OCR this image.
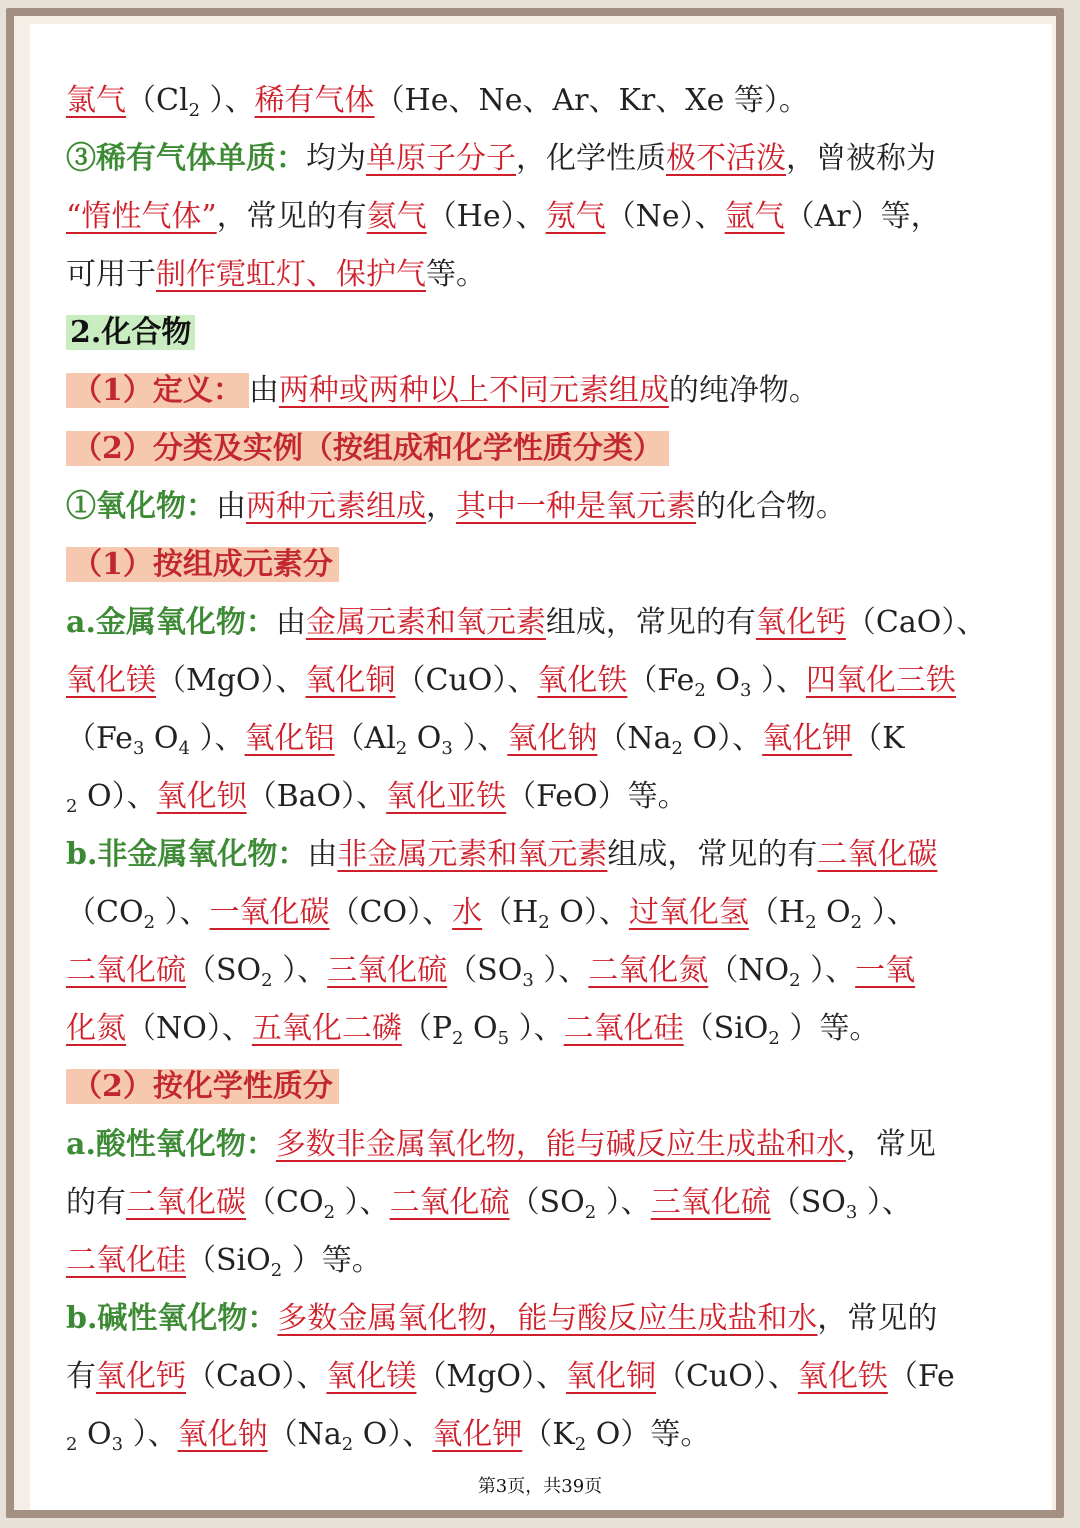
氯气（$Cl_2$ ）、稀有气体（He、Ne、Ar、Kr、Xe 等）。
③稀有气体单质：均为单原子分子，化学性质极不活泼，曾被称为
“惰性气体”，常见的有氦气（He）、氖气（Ne）、氩气（Ar）等，
可用于制作霓虹灯、保护气等。
2.化合物
（1）定义： 由两种或两种以上不同元素组成的纯净物。
（2）分类及实例（按组成和化学性质分类）
①氧化物：由两种元素组成，其中一种是氧元素的化合物。
（1）按组成元素分
a.金属氧化物：由金属元素和氧元素组成，常见的有氧化钙（CaO）、
氧化镁（MgO）、氧化铜（CuO）、氧化铁（$Fe_2$ $O_3$ ）、四氧化三铁
（$Fe_3$ $O_4$ ）、氧化铝（$Al_2$ $O_3$ ）、氧化钠（$Na_2$ O）、氧化钾（K
$_2$ O）、氧化钡（BaO）、氧化亚铁（FeO）等。
b.非金属氧化物：由非金属元素和氧元素组成，常见的有二氧化碳
（$CO_2$ ）、一氧化碳（CO）、水（$H_2$ O）、过氧化氢（$H_2$ $O_2$ ）、
二氧化硫（$SO_2$ ）、三氧化硫（$SO_3$ ）、二氧化氮（$NO_2$ ）、一氧
化氮（NO）、五氧化二磷（$P_2$ $O_5$ ）、二氧化硅（SiO$_2$ ）等。
（2）按化学性质分
a.酸性氧化物：多数非金属氧化物，能与碱反应生成盐和水，常见
的有二氧化碳（$CO_2$ ）、二氧化硫（$SO_2$ ）、三氧化硫（$SO_3$ ）、
二氧化硅（SiO$_2$ ）等。
b.碱性氧化物：多数金属氧化物，能与酸反应生成盐和水，常见的
有氧化钙（CaO）、氧化镁（MgO）、氧化铜（CuO）、氧化铁（Fe
$_2$ $O_3$ ）、氧化钠（$Na_2$ O）、氧化钾（$K_2$ O）等。
第3页，共39页
